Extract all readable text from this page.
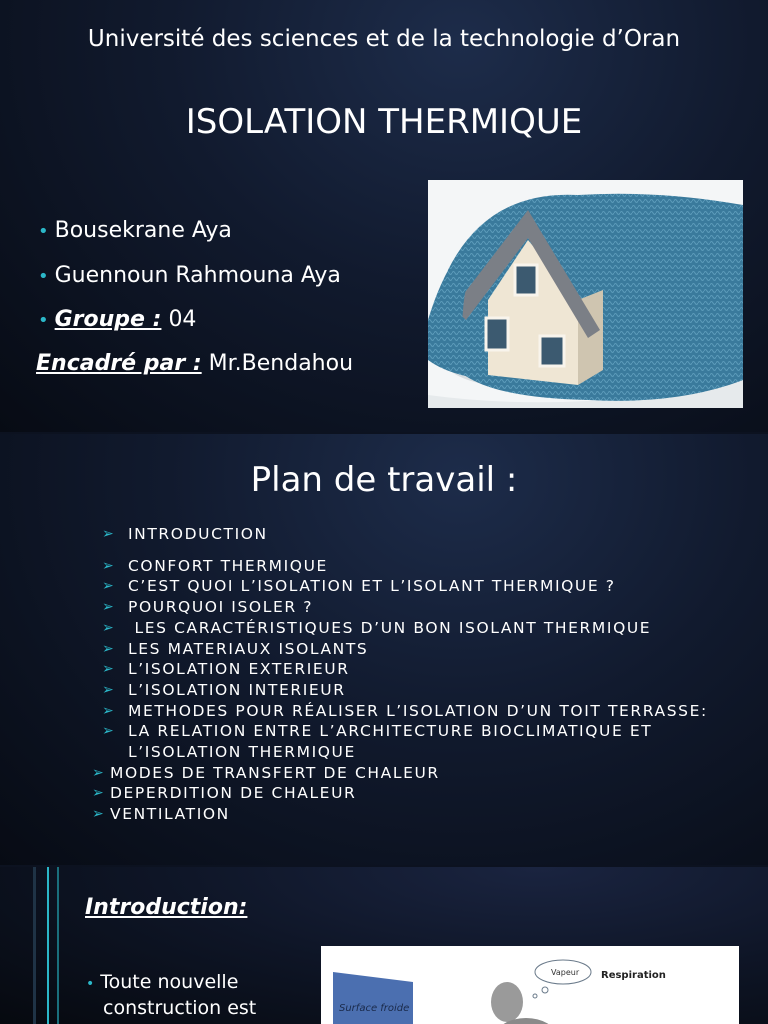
Université des sciences et de la technologie d’Oran
ISOLATION THERMIQUE
• Bousekrane Aya
• Guennoun Rahmouna Aya
• Groupe : 04
Encadré par : Mr.Bendahou
Plan de travail :
➢ INTRODUCTION
➢ CONFORT THERMIQUE
➢ C’EST QUOI L’ISOLATION ET L’ISOLANT THERMIQUE ?
➢ POURQUOI ISOLER ?
➢ LES CARACTÉRISTIQUES D’UN BON ISOLANT THERMIQUE
➢ LES MATERIAUX ISOLANTS
➢ L’ISOLATION EXTERIEUR
➢ L’ISOLATION INTERIEUR
➢ METHODES POUR RÉALISER L’ISOLATION D’UN TOIT TERRASSE:
➢ LA RELATION ENTRE L’ARCHITECTURE BIOCLIMATIQUE ET
L’ISOLATION THERMIQUE
➢ MODES DE TRANSFERT DE CHALEUR
➢ DEPERDITION DE CHALEUR
➢ VENTILATION
Introduction:
• Toute nouvelle
construction est	Surface froide
Vapeur Respiration
